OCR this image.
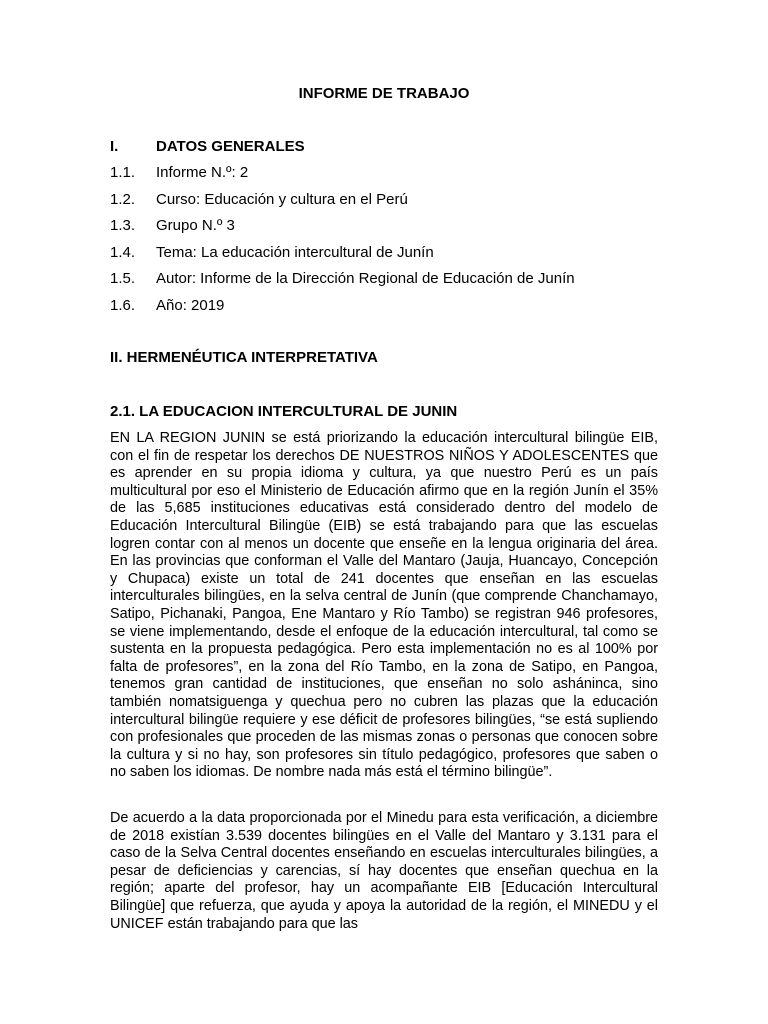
INFORME DE TRABAJO
I.	DATOS GENERALES
1.1. Informe N.º: 2
1.2. Curso: Educación y cultura en el Perú
1.3. Grupo N.º 3
1.4. Tema: La educación intercultural de Junín
1.5. Autor: Informe de la Dirección Regional de Educación de Junín
1.6. Año: 2019
II. HERMENÉUTICA INTERPRETATIVA
2.1. LA EDUCACION INTERCULTURAL DE JUNIN

EN LA REGION JUNIN se está priorizando la educación intercultural bilingüe EIB, con el fin de respetar los derechos DE NUESTROS NIÑOS Y ADOLESCENTES que es aprender en su propia idioma y cultura, ya que nuestro Perú es un país multicultural por eso el Ministerio de Educación afirmo que en la región Junín el 35% de las 5,685 instituciones educativas está considerado dentro del modelo de Educación Intercultural Bilingüe (EIB) se está trabajando para que las escuelas logren contar con al menos un docente que enseñe en la lengua originaria del área. En las provincias que conforman el Valle del Mantaro (Jauja, Huancayo, Concepción y Chupaca) existe un total de 241 docentes que enseñan en las escuelas interculturales bilingües, en la selva central de Junín (que comprende Chanchamayo, Satipo, Pichanaki, Pangoa, Ene Mantaro y Río Tambo) se registran 946 profesores, se viene implementando, desde el enfoque de la educación intercultural, tal como se sustenta en la propuesta pedagógica. Pero esta implementación no es al 100% por falta de profesores”, en la zona del Río Tambo, en la zona de Satipo, en Pangoa, tenemos gran cantidad de instituciones, que enseñan no solo asháninca, sino también nomatsiguenga y quechua pero no cubren las plazas que la educación intercultural bilingüe requiere y ese déficit de profesores bilingües, “se está supliendo con profesionales que proceden de las mismas zonas o personas que conocen sobre la cultura y si no hay, son profesores sin título pedagógico, profesores que saben o no saben los idiomas. De nombre nada más está el término bilingüe”.

De acuerdo a la data proporcionada por el Minedu para esta verificación, a diciembre de 2018 existían 3.539 docentes bilingües en el Valle del Mantaro y 3.131 para el caso de la Selva Central docentes enseñando en escuelas interculturales bilingües, a pesar de deficiencias y carencias, sí hay docentes que enseñan quechua en la región; aparte del profesor, hay un acompañante EIB [Educación Intercultural Bilingüe] que refuerza, que ayuda y apoya la autoridad de la región, el MINEDU y el UNICEF están trabajando para que las
